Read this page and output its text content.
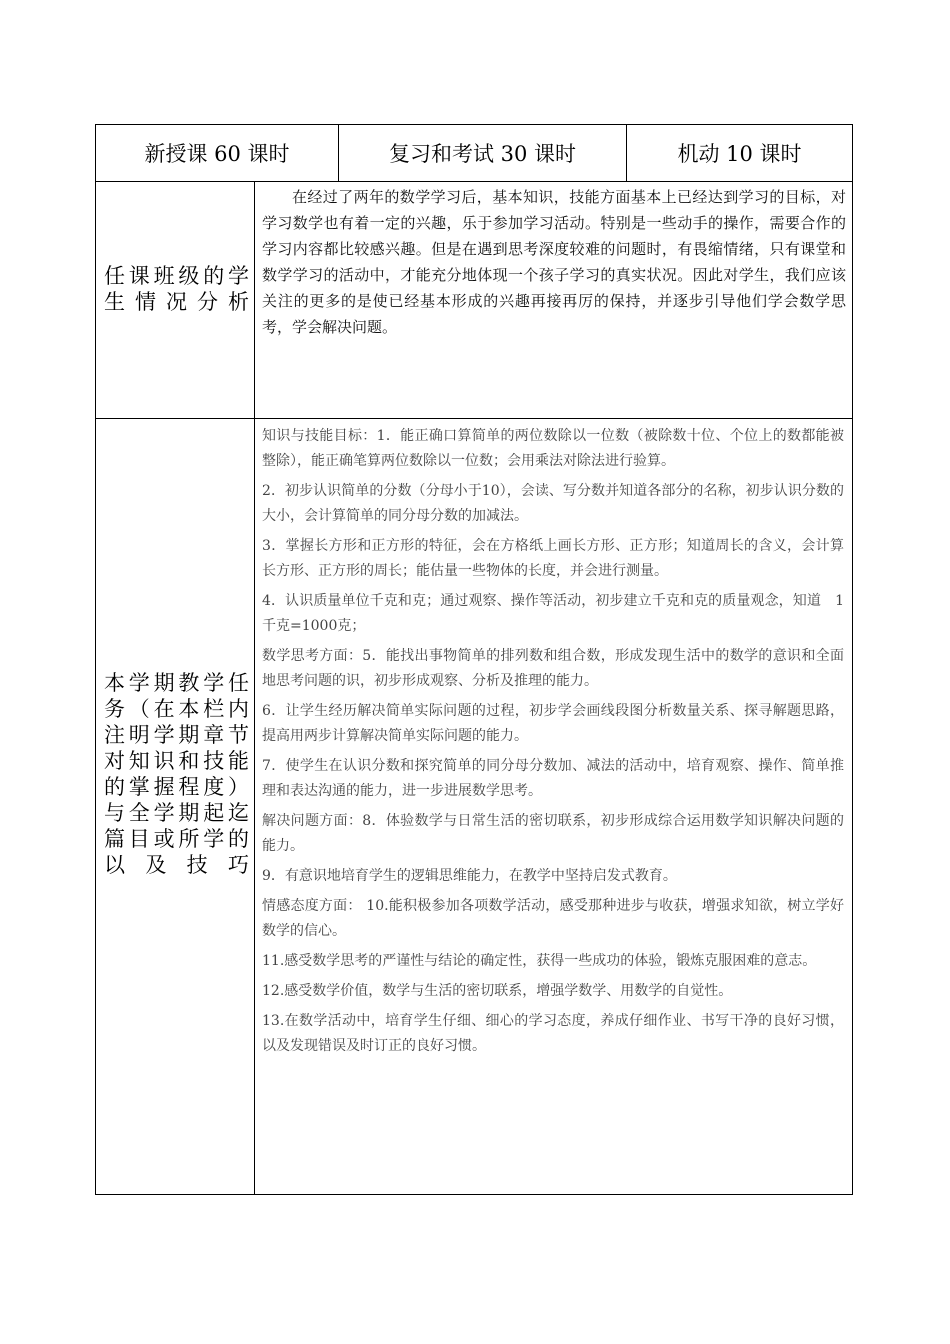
新授课 60 课时	复习和考试 30 课时	机动 10 课时
任课班级的学生情况分析

在经过了两年的数学学习后，基本知识，技能方面基本上已经达到学习的目标，对学习数学也有着一定的兴趣，乐于参加学习活动。特别是一些动手的操作，需要合作的学习内容都比较感兴趣。但是在遇到思考深度较难的问题时，有畏缩情绪，只有课堂和数学学习的活动中，才能充分地体现一个孩子学习的真实状况。因此对学生，我们应该关注的更多的是使已经基本形成的兴趣再接再厉的保持，并逐步引导他们学会数学思考，学会解决问题。

本学期教学任务（在本栏内注明学期章节对知识和技能的掌握程度）与全学期起迄篇目或所学的以及技巧

知识与技能目标：1．能正确口算简单的两位数除以一位数（被除数十位、个位上的数都能被整除），能正确笔算两位数除以一位数；会用乘法对除法进行验算。

2．初步认识简单的分数（分母小于10），会读、写分数并知道各部分的名称，初步认识分数的大小，会计算简单的同分母分数的加减法。

3．掌握长方形和正方形的特征，会在方格纸上画长方形、正方形；知道周长的含义，会计算长方形、正方形的周长；能估量一些物体的长度，并会进行测量。

4．认识质量单位千克和克；通过观察、操作等活动，初步建立千克和克的质量观念，知道　1千克=1000克；

数学思考方面：5．能找出事物简单的排列数和组合数，形成发现生活中的数学的意识和全面地思考问题的识，初步形成观察、分析及推理的能力。

6．让学生经历解决简单实际问题的过程，初步学会画线段图分析数量关系、探寻解题思路，提高用两步计算解决简单实际问题的能力。

7．使学生在认识分数和探究简单的同分母分数加、减法的活动中，培育观察、操作、简单推理和表达沟通的能力，进一步进展数学思考。

解决问题方面：8．体验数学与日常生活的密切联系，初步形成综合运用数学知识解决问题的能力。

9．有意识地培育学生的逻辑思维能力，在教学中坚持启发式教育。

情感态度方面： 10.能积极参加各项数学活动，感受那种进步与收获，增强求知欲，树立学好数学的信心。

11.感受数学思考的严谨性与结论的确定性，获得一些成功的体验，锻炼克服困难的意志。

12.感受数学价值，数学与生活的密切联系，增强学数学、用数学的自觉性。

13.在数学活动中，培育学生仔细、细心的学习态度，养成仔细作业、书写干净的良好习惯，以及发现错误及时订正的良好习惯。
